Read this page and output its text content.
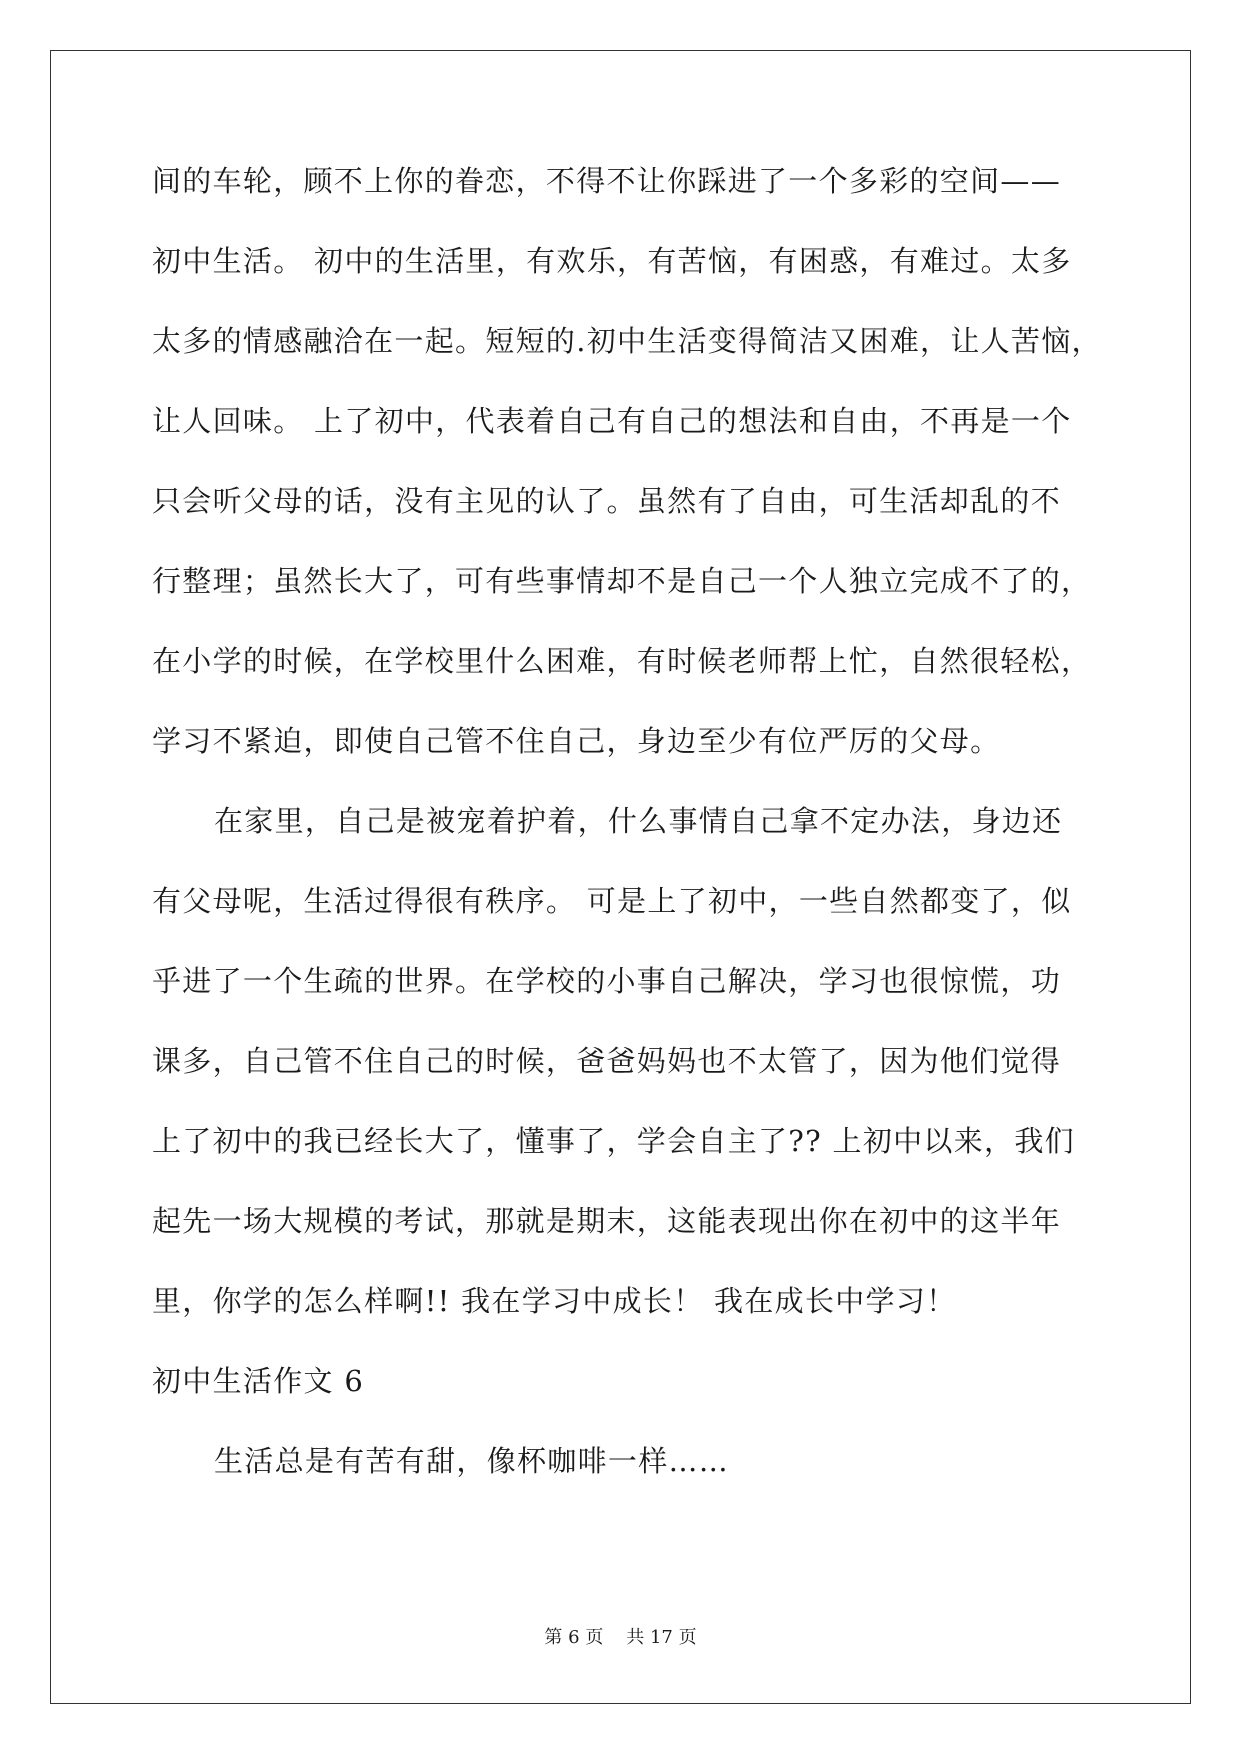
间的车轮，顾不上你的眷恋，不得不让你踩进了一个多彩的空间——
初中生活。 初中的生活里，有欢乐，有苦恼，有困惑，有难过。太多
太多的情感融洽在一起。短短的.初中生活变得简洁又困难，让人苦恼，
让人回味。 上了初中，代表着自己有自己的想法和自由，不再是一个
只会听父母的话，没有主见的认了。虽然有了自由，可生活却乱的不
行整理；虽然长大了，可有些事情却不是自己一个人独立完成不了的，
在小学的时候，在学校里什么困难，有时候老师帮上忙，自然很轻松，
学习不紧迫，即使自己管不住自己，身边至少有位严厉的父母。
在家里，自己是被宠着护着，什么事情自己拿不定办法，身边还
有父母呢，生活过得很有秩序。 可是上了初中，一些自然都变了，似
乎进了一个生疏的世界。在学校的小事自己解决，学习也很惊慌，功
课多，自己管不住自己的时候，爸爸妈妈也不太管了，因为他们觉得
上了初中的我已经长大了，懂事了，学会自主了?? 上初中以来，我们
起先一场大规模的考试，那就是期末，这能表现出你在初中的这半年
里，你学的怎么样啊!! 我在学习中成长！ 我在成长中学习！
初中生活作文 6
生活总是有苦有甜，像杯咖啡一样……
第 6 页 共 17 页
